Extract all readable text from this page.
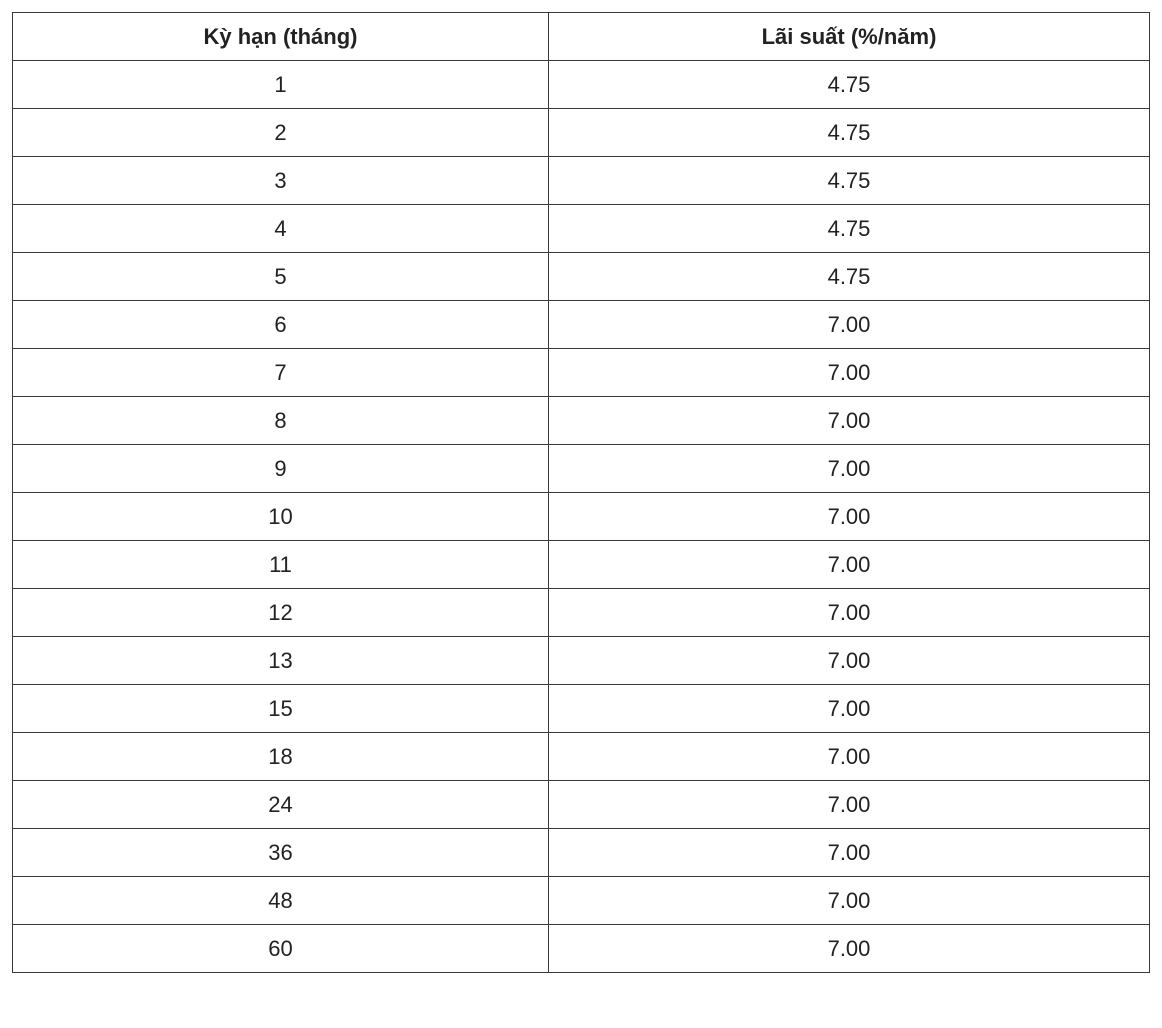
Kỳ hạn (tháng)	Lãi suất (%/năm)
1	4.75
2	4.75
3	4.75
4	4.75
5	4.75
6	7.00
7	7.00
8	7.00
9	7.00
10	7.00
11	7.00
12	7.00
13	7.00
15	7.00
18	7.00
24	7.00
36	7.00
48	7.00
60	7.00
